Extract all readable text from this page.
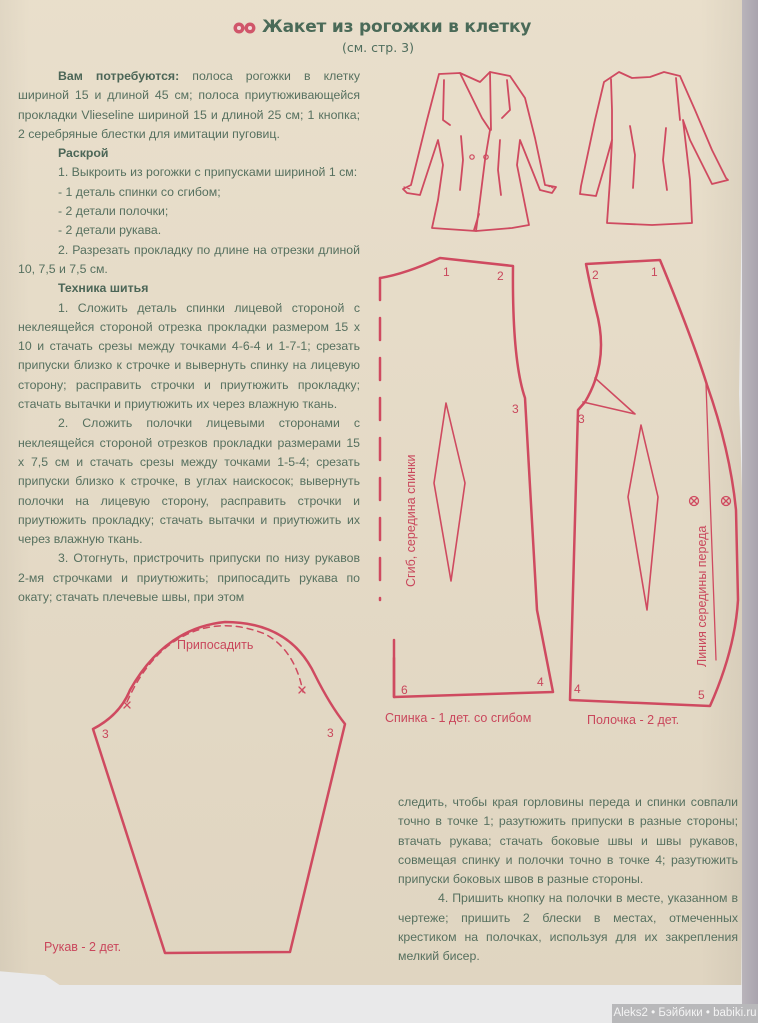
Жакет из рогожки в клетку
(см. стр. 3)

Вам потребуются: полоса рогожки в клетку шириной 15 и длиной 45 см; полоса приутюживающейся прокладки Vlieseline шириной 15 и длиной 25 см; 1 кнопка; 2 серебряные блестки для имитации пуговиц.

Раскрой

1. Выкроить из рогожки с припусками шириной 1 см:

- 1 деталь спинки со сгибом;

- 2 детали полочки;

- 2 детали рукава.

2. Разрезать прокладку по длине на отрезки длиной 10, 7,5 и 7,5 см.

Техника шитья

1. Сложить деталь спинки лицевой стороной с неклеящейся стороной отрезка прокладки размером 15 х 10 и стачать срезы между точками 4-6-4 и 1-7-1; срезать припуски близко к строчке и вывернуть спинку на лицевую сторону; расправить строчки и приутюжить прокладку; стачать вытачки и приутюжить их через влажную ткань.

2. Сложить полочки лицевыми сторонами с неклеящейся стороной отрезков прокладки размерами 15 х 7,5 см и стачать срезы между точками 1-5-4; срезать припуски близко к строчке, в углах наискосок; вывернуть полочки на лицевую сторону, расправить строчки и приутюжить прокладку; стачать вытачки и приутюжить их через влажную ткань.

3. Отогнуть, пристрочить припуски по низу рукавов 2-мя строчками и приутюжить; припосадить рукава по окату; стачать плечевые швы, при этом

следить, чтобы края горловины переда и спинки совпали точно в точке 1; разутюжить припуски в разные стороны; втачать рукава; стачать боковые швы и швы рукавов, совмещая спинку и полочки точно в точке 4; разутюжить припуски боковых швов в разные стороны.

4. Пришить кнопку на полочки в месте, указанном в чертеже; пришить 2 блески в местах, отмеченных крестиком на полочках, используя для их закрепления мелкий бисер.

1	2
3
4
6
Сгиб, середина спинки
Спинка - 1 дет. со сгибом
2	1
3
4	5
Линия середины переда
Полочка - 2 дет.
Припосадить
3	3
Рукав - 2 дет.
Aleks2 • Бэйбики • babiki.ru
